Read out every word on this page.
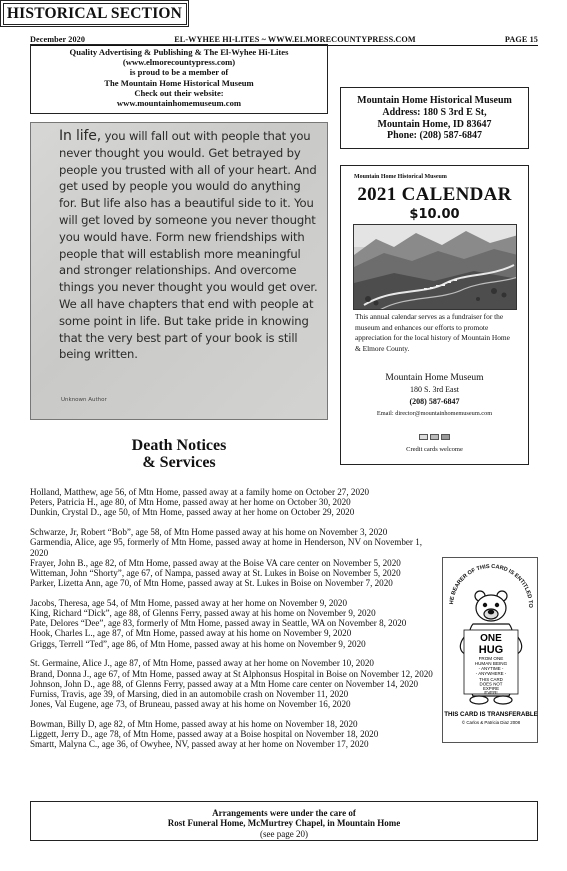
December 2020	EL-WYHEE HI-LITES ~ WWW.ELMORECOUNTYPRESS.COM	PAGE 15
Quality Advertising & Publishing & The El-Wyhee Hi-Lites
(www.elmorecountypress.com)
is proud to be a member of
The Mountain Home Historical Museum
Check out their website:
www.mountainhomemuseum.com
HISTORICAL SECTION
Mountain Home Historical Museum
Address: 180 S 3rd E St,
Mountain Home, ID 83647
Phone: (208) 587-6847
In life, you will fall out with people that you never thought you would. Get betrayed by people you trusted with all of your heart. And get used by people you would do anything for. But life also has a beautiful side to it. You will get loved by someone you never thought you would have. Form new friendships with people that will establish more meaningful and stronger relationships. And overcome things you never thought you would get over. We all have chapters that end with people at some point in life. But take pride in knowing that the very best part of your book is still being written.
Unknown Author
Mountain Home Historical Museum
2021 CALENDAR
$10.00
This annual calendar serves as a fundraiser for the museum and enhances our efforts to promote appreciation for the local history of Mountain Home & Elmore County.
Mountain Home Museum
180 S. 3rd East
(208) 587-6847
Email: director@mountainhomemuseum.com
Credit cards welcome
Death Notices
& Services
Holland, Matthew, age 56, of Mtn Home, passed away at a family home on October 27, 2020
Peters, Patricia H., age 80, of Mtn Home, passed away at her home on October 30, 2020
Dunkin, Crystal D., age 50, of Mtn Home, passed away at her home on October 29, 2020
Schwarze, Jr, Robert “Bob”, age 58, of Mtn Home passed away at his home on November 3, 2020
Garmendia, Alice, age 95, formerly of Mtn Home, passed away at home in Henderson, NV on November 1, 2020
Frayer, John B., age 82, of Mtn Home, passed away at the Boise VA care center on November 5, 2020
Witteman, John “Shorty”, age 67, of Nampa, passed away at St. Lukes in Boise on November 5, 2020
Parker, Lizetta Ann, age 70, of Mtn Home, passed away at St. Lukes in Boise on November 7, 2020
Jacobs, Theresa, age 54, of Mtn Home, passed away at her home on November 9, 2020
King, Richard “Dick”, age 88, of Glenns Ferry, passed away at his home on November 9, 2020
Pate, Delores “Dee”, age 83, formerly of Mtn Home, passed away in Seattle, WA on November 8, 2020
Hook, Charles L., age 87, of Mtn Home, passed away at his home on November 9, 2020
Griggs, Terrell “Ted”, age 86, of Mtn Home, passed away at his home on November 9, 2020
St. Germaine, Alice J., age 87, of Mtn Home, passed away at her home on November 10, 2020
Brand, Donna J., age 67, of Mtn Home, passed away at St Alphonsus Hospital in Boise on November 12, 2020
Johnson, John D., age 88, of Glenns Ferry, passed away at a Mtn Home care center on November 14, 2020
Furniss, Travis, age 39, of Marsing, died in an automobile crash on November 11, 2020
Jones, Val Eugene, age 73, of Bruneau, passed away at his home on November 16, 2020
Bowman, Billy D, age 82, of Mtn Home, passed away at his home on November 18, 2020
Liggett, Jerry D., age 78, of Mtn Home, passed away at a Boise hospital on November 18, 2020
Smartt, Malyna C., age 36, of Owyhee, NV, passed away at her home on November 17, 2020
HE BEARER OF THIS CARD IS ENTITLED TO
ONE
HUG
FROM ONE
HUMAN BEING
- ANYTIME -
- ANYWHERE -
THIS CARD
DOES NOT
EXPIRE
EVER!
THIS CARD IS TRANSFERABLE
© Carlos & Patricia Diaz 2008
Arrangements were under the care of
Rost Funeral Home, McMurtrey Chapel, in Mountain Home
(see page 20)
